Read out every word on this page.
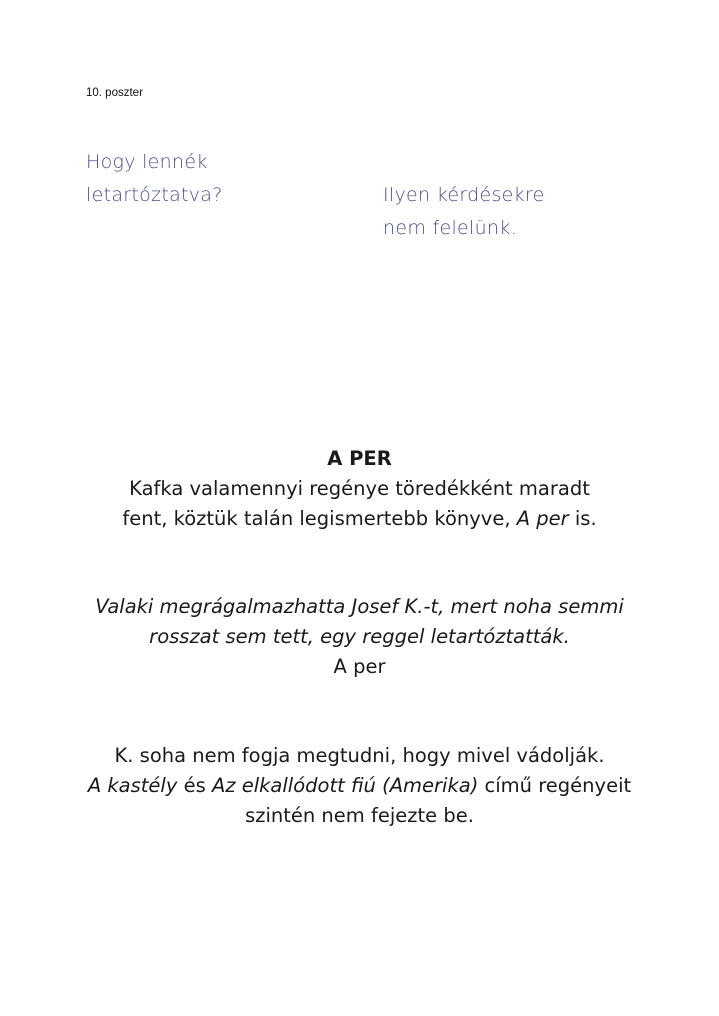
10. poszter
Hogy lennék
letartóztatva?	Ilyen kérdésekre
nem felelünk.
A PER
Kafka valamennyi regénye töredékként maradt
fent, köztük talán legismertebb könyve, A per is.
Valaki megrágalmazhatta Josef K.-t, mert noha semmi
rosszat sem tett, egy reggel letartóztatták.
A per
K. soha nem fogja megtudni, hogy mivel vádolják.
A kastély és Az elkallódott fiú (Amerika) című regényeit
szintén nem fejezte be.
